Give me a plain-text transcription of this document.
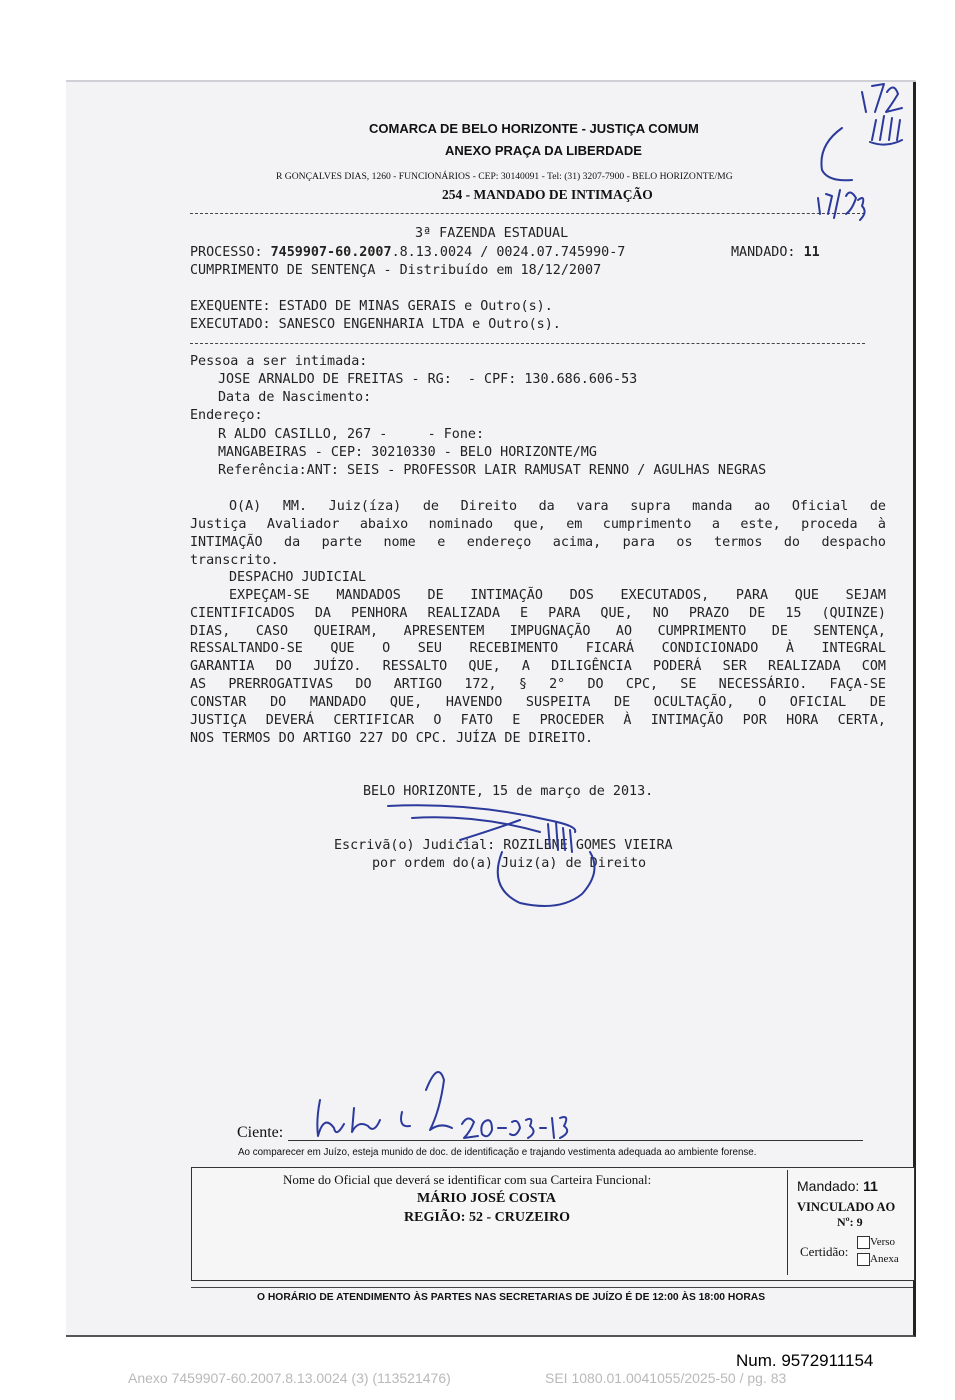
COMARCA DE BELO HORIZONTE - JUSTIÇA COMUM
ANEXO PRAÇA DA LIBERDADE
R GONÇALVES DIAS, 1260 - FUNCIONÁRIOS - CEP: 30140091 - Tel: (31) 3207-7900 - BELO HORIZONTE/MG
254 - MANDADO DE INTIMAÇÃO
3ª FAZENDA ESTADUAL
PROCESSO: 7459907-60.2007.8.13.0024 / 0024.07.745990-7	MANDADO: 11
CUMPRIMENTO DE SENTENÇA - Distribuído em 18/12/2007
EXEQUENTE: ESTADO DE MINAS GERAIS e Outro(s).
EXECUTADO: SANESCO ENGENHARIA LTDA e Outro(s).
Pessoa a ser intimada:
JOSE ARNALDO DE FREITAS - RG:  - CPF: 130.686.606-53
Data de Nascimento:
Endereço:
R ALDO CASILLO, 267 -     - Fone:
MANGABEIRAS - CEP: 30210330 - BELO HORIZONTE/MG
Referência:ANT: SEIS - PROFESSOR LAIR RAMUSAT RENNO / AGULHAS NEGRAS
O(A) MM. Juiz(íza) de Direito da vara supra manda ao Oficial de
Justiça Avaliador abaixo nominado que, em cumprimento a este, proceda à
INTIMAÇÃO da parte nome e endereço acima, para os termos do despacho
transcrito.
DESPACHO JUDICIAL
EXPEÇAM-SE MANDADOS DE INTIMAÇÃO DOS EXECUTADOS, PARA QUE SEJAM
CIENTIFICADOS DA PENHORA REALIZADA E PARA QUE, NO PRAZO DE 15 (QUINZE)
DIAS, CASO QUEIRAM, APRESENTEM IMPUGNAÇÃO AO CUMPRIMENTO DE SENTENÇA,
RESSALTANDO-SE QUE O SEU RECEBIMENTO FICARÁ CONDICIONADO À INTEGRAL
GARANTIA DO JUÍZO. RESSALTO QUE, A DILIGÊNCIA PODERÁ SER REALIZADA COM
AS PRERROGATIVAS DO ARTIGO 172, § 2° DO CPC, SE NECESSÁRIO. FAÇA-SE
CONSTAR DO MANDADO QUE, HAVENDO SUSPEITA DE OCULTAÇÃO, O OFICIAL DE
JUSTIÇA DEVERÁ CERTIFICAR O FATO E PROCEDER À INTIMAÇÃO POR HORA CERTA,
NOS TERMOS DO ARTIGO 227 DO CPC. JUÍZA DE DIREITO.
BELO HORIZONTE, 15 de março de 2013.
Escrivã(o) Judicial: ROZILENE GOMES VIEIRA
por ordem do(a) Juiz(a) de Direito
Ciente:
Ao comparecer em Juízo, esteja munido de doc. de identificação e trajando vestimenta adequada ao ambiente forense.
Nome do Oficial que deverá se identificar com sua Carteira Funcional:
MÁRIO JOSÉ COSTA
REGIÃO: 52 - CRUZEIRO
Mandado: 11
VINCULADO AO
Nº: 9
Certidão:
Verso
Anexa
O HORÁRIO DE ATENDIMENTO ÀS PARTES NAS SECRETARIAS DE JUÍZO É DE 12:00 ÀS 18:00 HORAS
Num. 9572911154
Anexo 7459907-60.2007.8.13.0024 (3) (113521476)	SEI 1080.01.0041055/2025-50 / pg. 83
